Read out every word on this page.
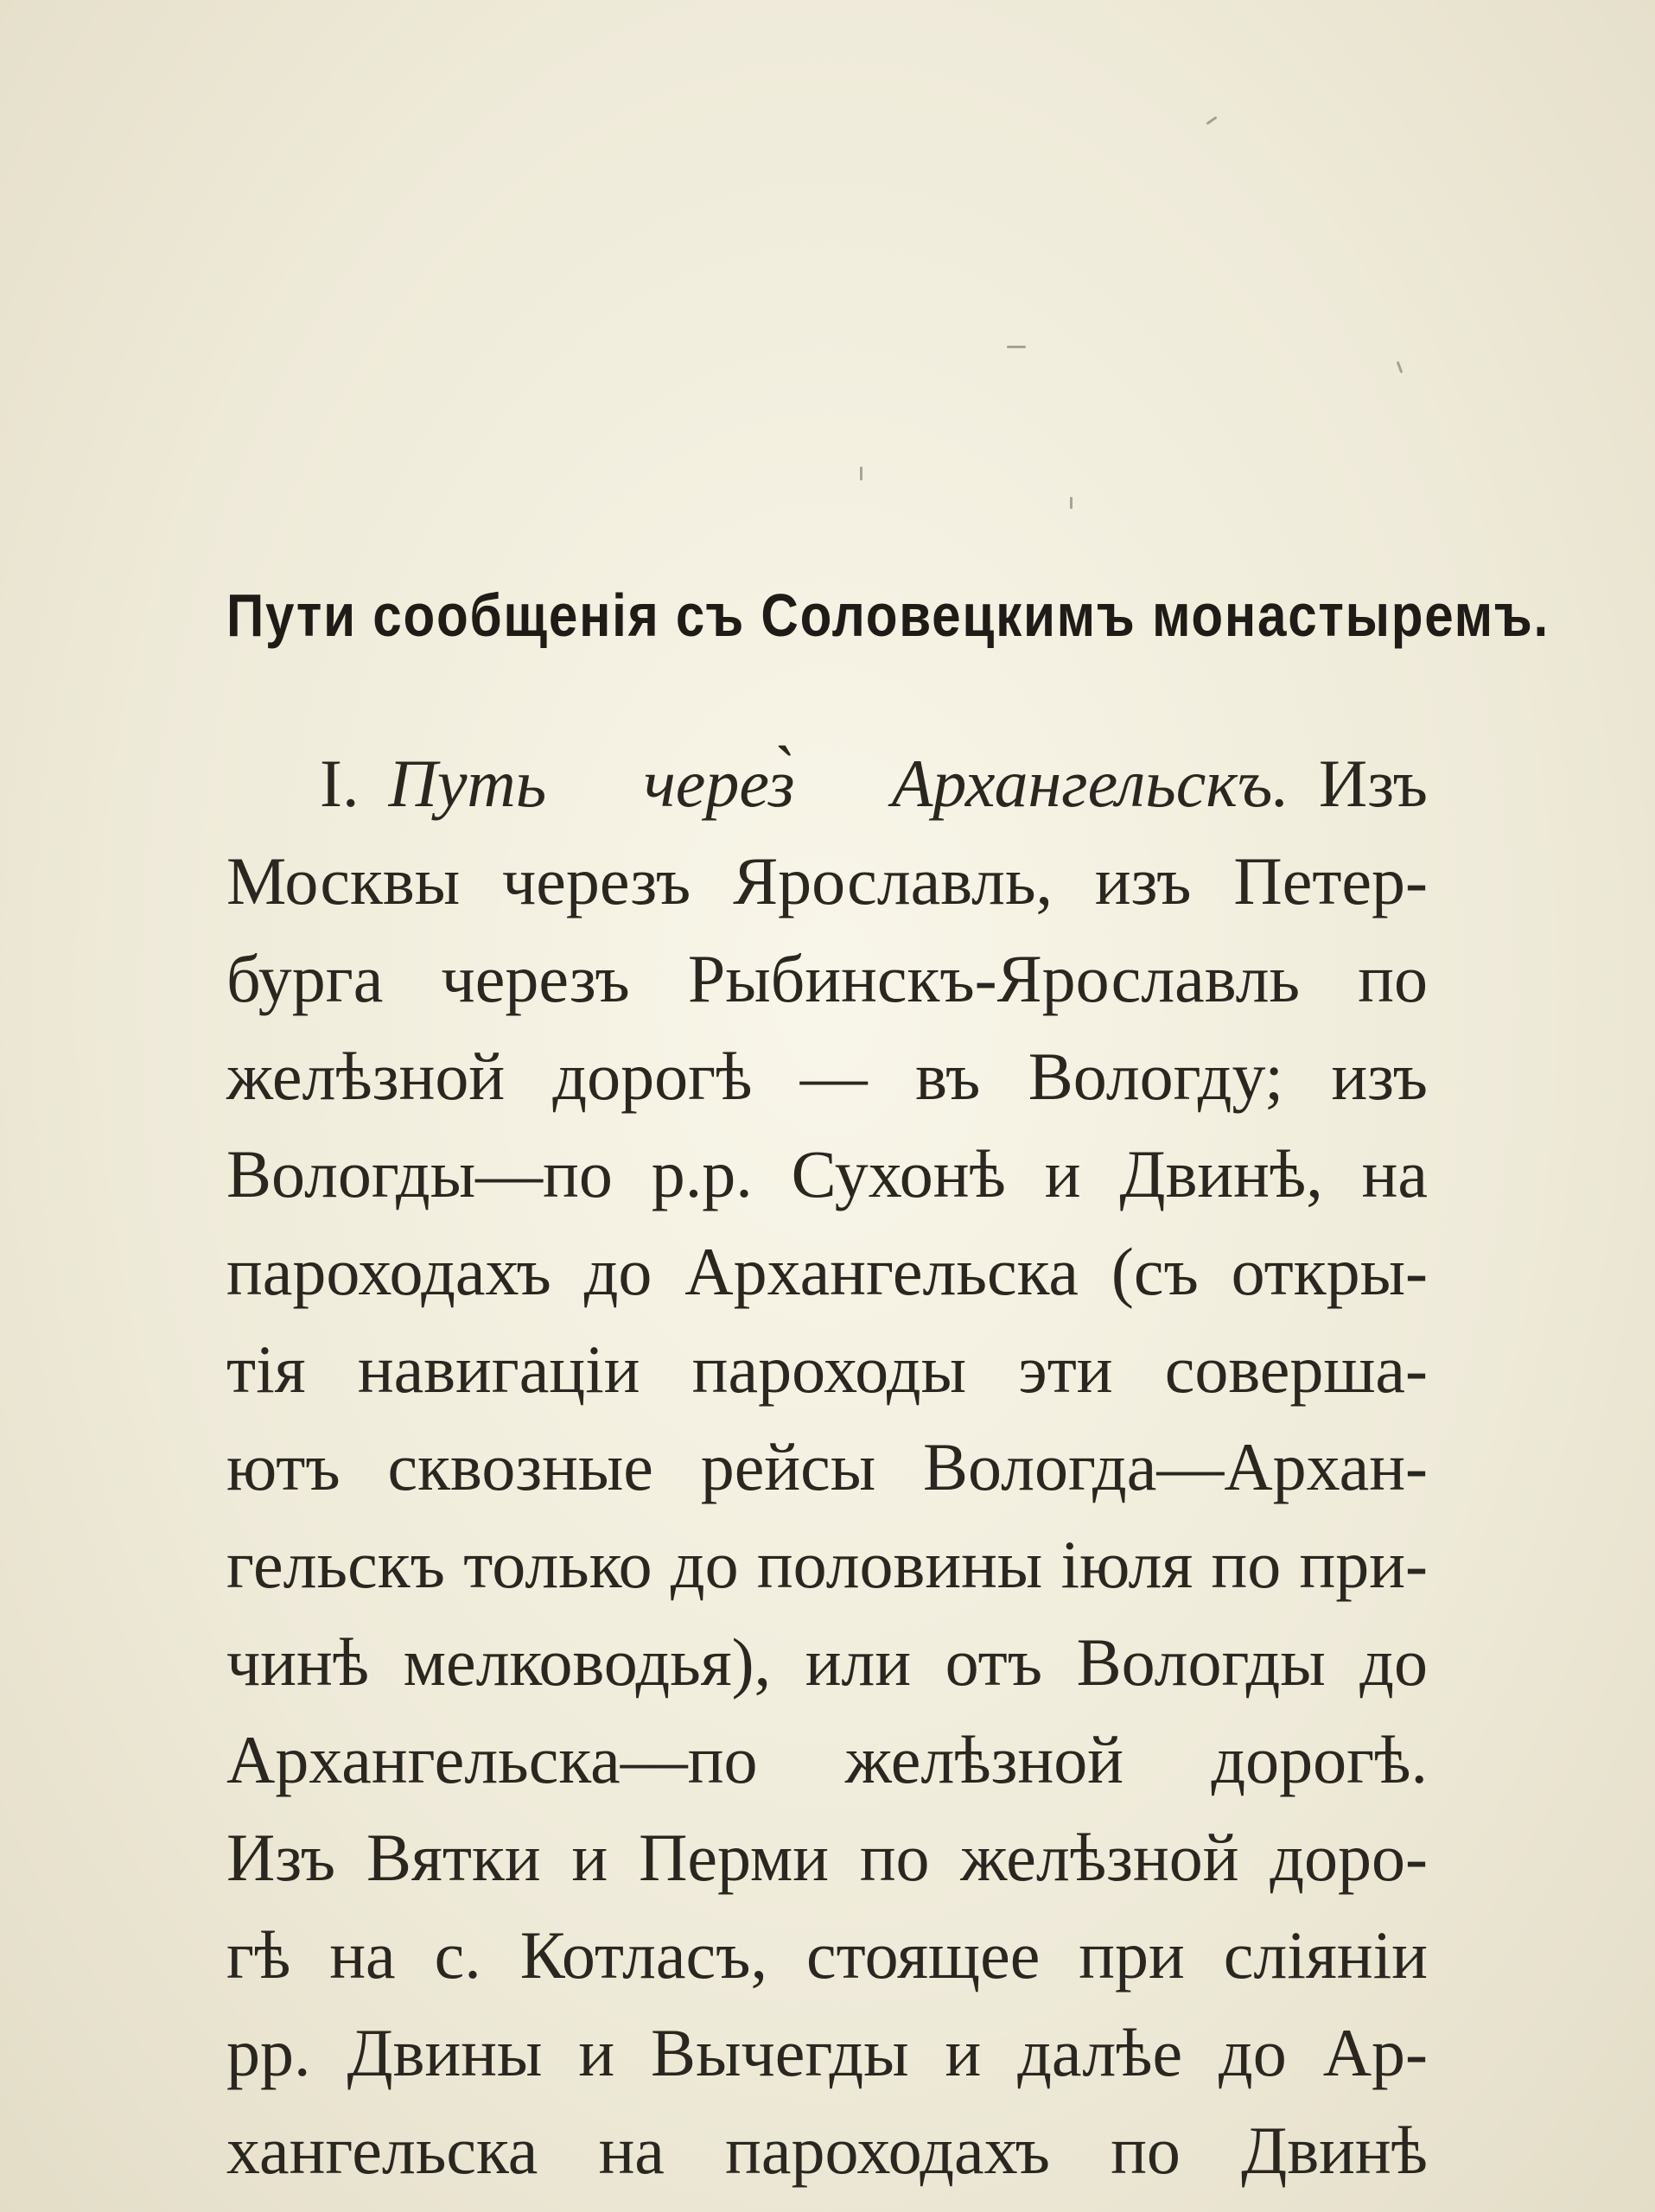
Пути сообщенія съ Соловецкимъ монастыремъ.
I. Путь через̀ Архангельскъ. Изъ
Москвы черезъ Ярославль, изъ Петер-
бурга черезъ Рыбинскъ-Ярославль по
желѣзной дорогѣ — въ Вологду; изъ
Вологды—по р.р. Сухонѣ и Двинѣ, на
пароходахъ до Архангельска (съ откры-
тія навигаціи пароходы эти соверша-
ютъ сквозные рейсы Вологда—Архан-
гельскъ только до половины іюля по при-
чинѣ мелководья), или отъ Вологды до
Архангельска—по желѣзной дорогѣ.
Изъ Вятки и Перми по желѣзной доро-
гѣ на с. Котласъ, стоящее при сліяніи
рр. Двины и Вычегды и далѣе до Ар-
хангельска на пароходахъ по Двинѣ
